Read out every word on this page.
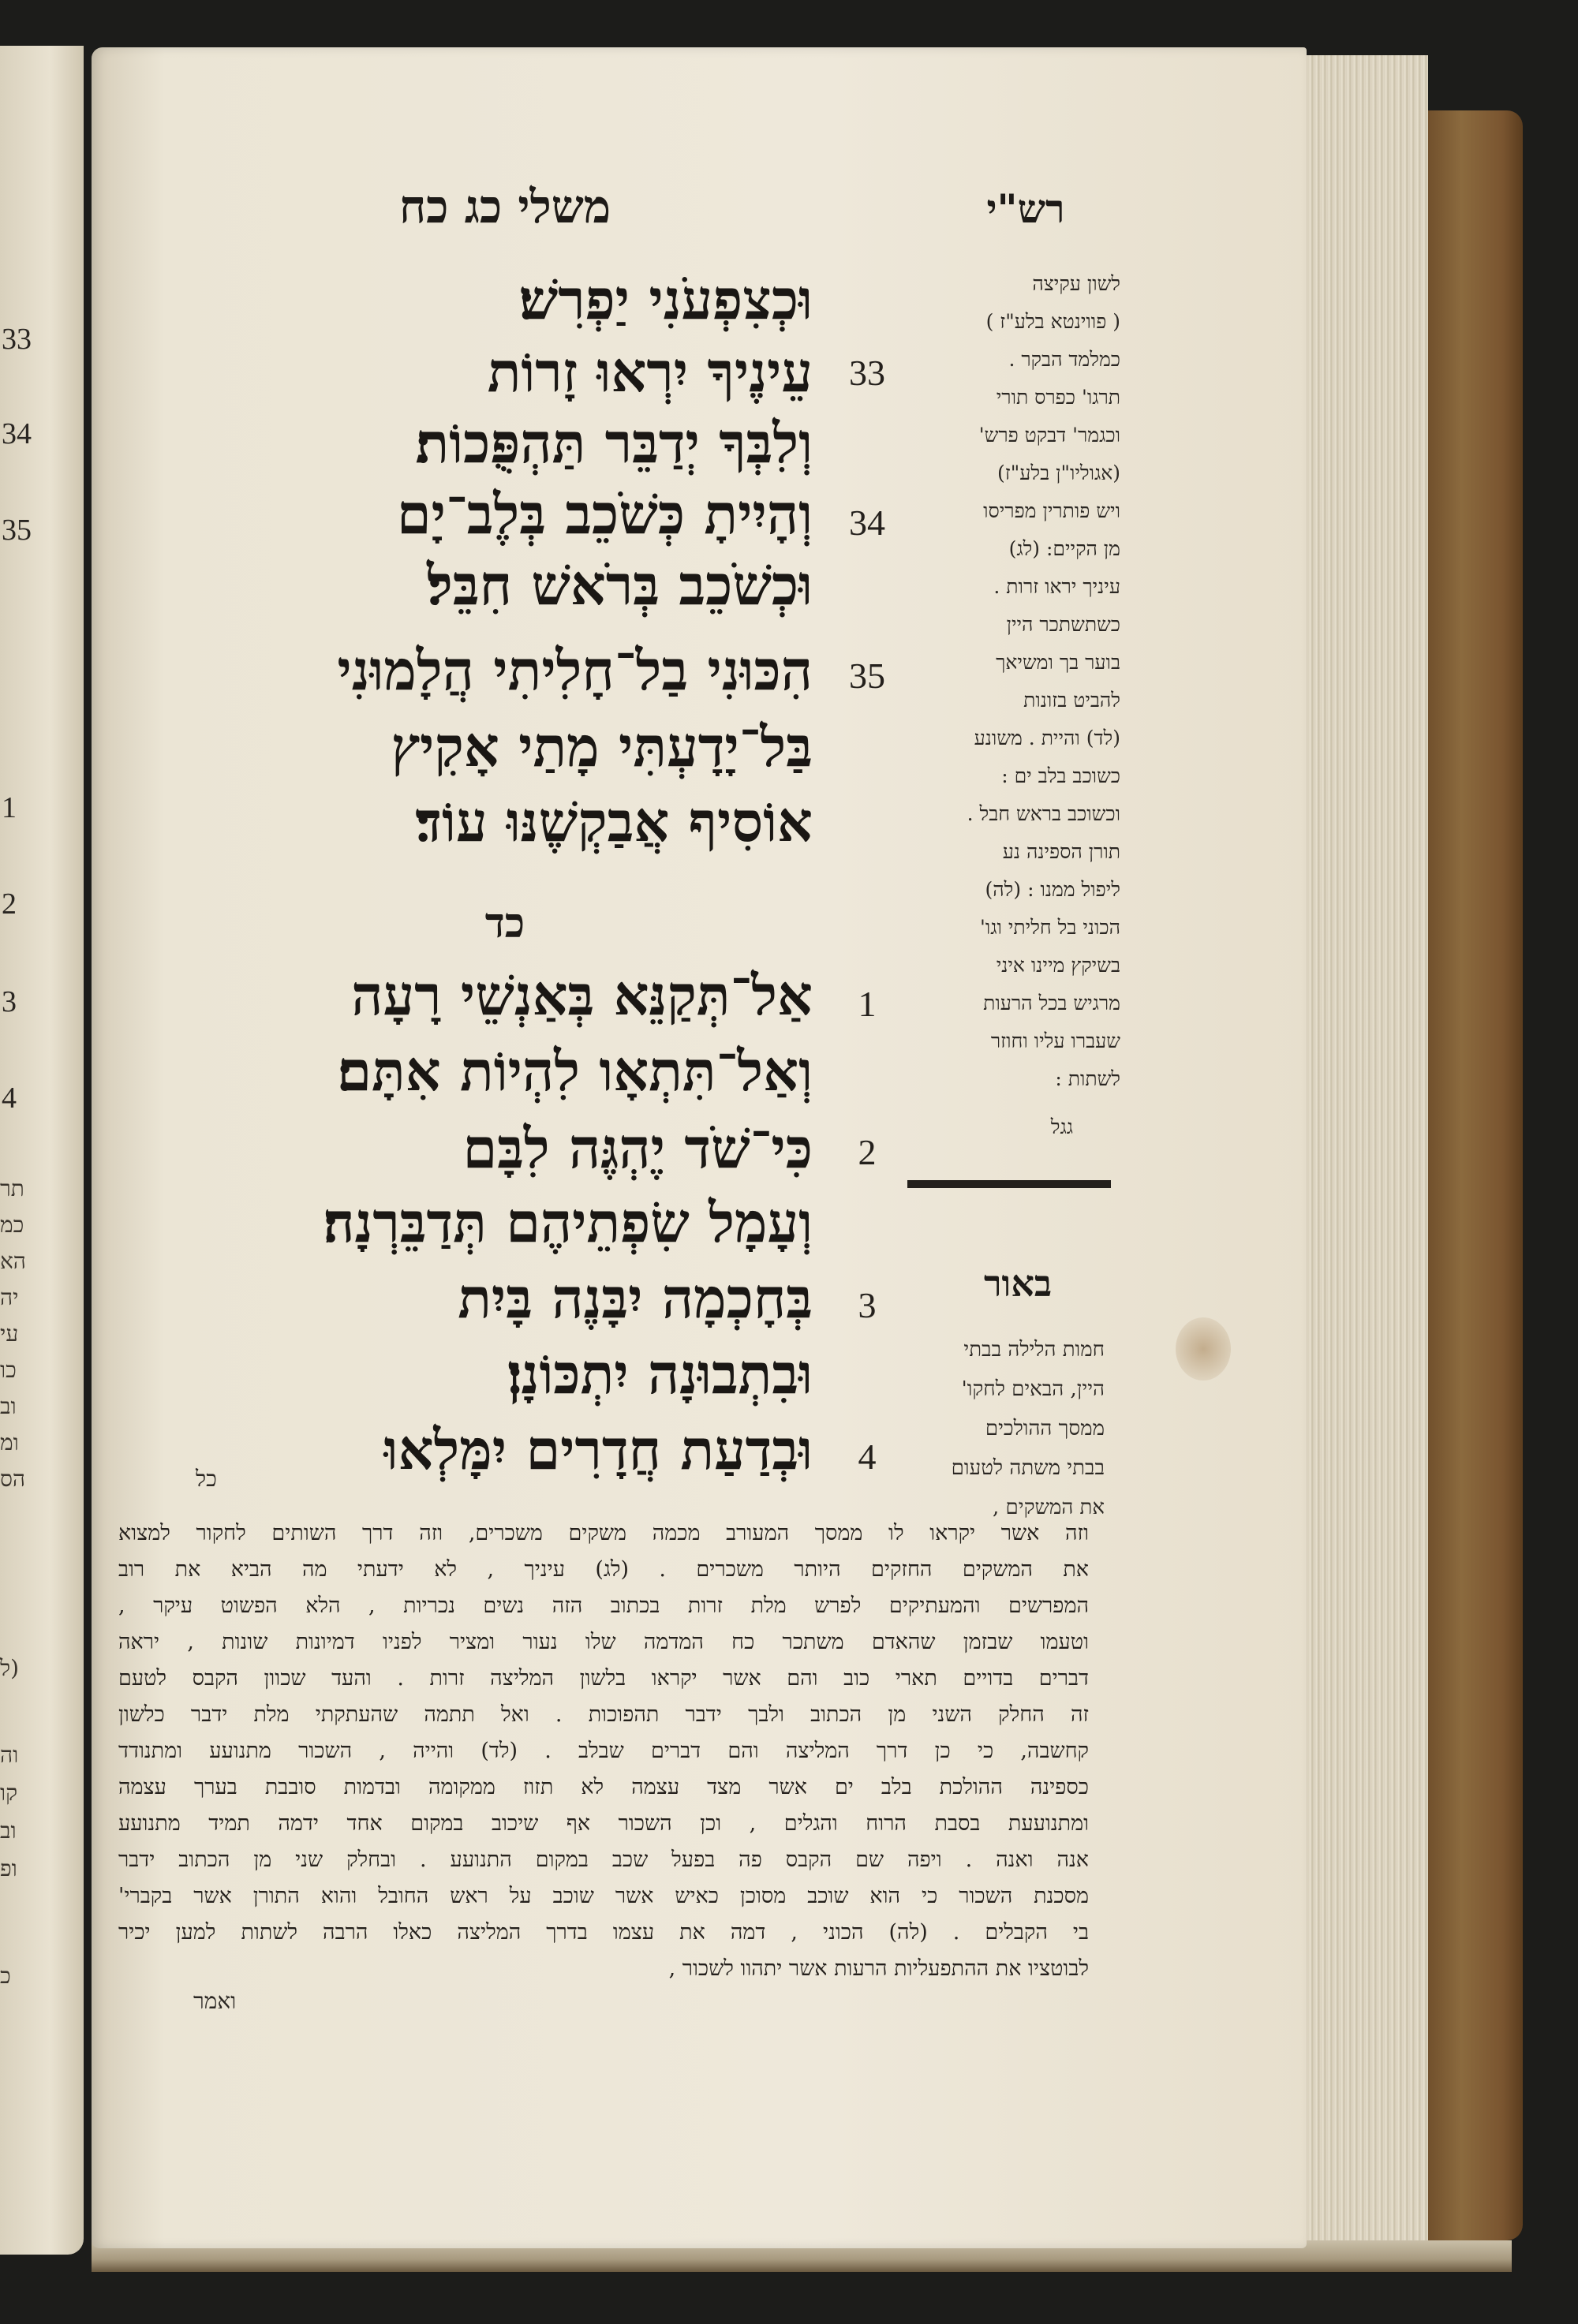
33
34
35
1
2
3
4
תר
כמ
הא
יה
עי
כו
וב
ומ
הס
(ל
וה
קו
וב
ופ
כ
משלי כג כח	רש"י
וּכְצִפְעֹנִי יַפְרִשׁ׃
עֵינֶיךָ יִרְאוּ זָרוֹת 33
וְלִבְּךָ יְדַבֵּר תַּהְפֻּכוֹת׃
וְהָיִיתָ כְּשֹׁכֵב בְּלֶב־יָם 34
וּכְשֹׁכֵב בְּרֹאשׁ חִבֵּל׃
הִכּוּנִי בַל־חָלִיתִי הֲלָמוּנִי 35
בַּל־יָדָעְתִּי מָתַי אָקִיץ
אוֹסִיף אֲבַקְשֶׁנּוּ עוֹד׃
כד
אַל־תְּקַנֵּא בְּאַנְשֵׁי רָעָה	1
וְאַל־תִּתְאָו לִהְיוֹת אִתָּם׃
כִּי־שֹׁד יֶהְגֶּה לִבָּם	2
וְעָמָל שִׂפְתֵיהֶם תְּדַבֵּרְנָה׃
בְּחָכְמָה יִבָּנֶה בָּיִת	3
וּבִתְבוּנָה יִתְכּוֹנָן׃
וּבְדַעַת חֲדָרִים יִמָּלְאוּ	4
כל
לשון עקיצה
( פווינטא בלע"ז )
כמלמד הבקר .
תרגו' כפרס תורי
וכגמר' דבקט פרש'
(אגוליו"ן בלע"ז)
ויש פותרין מפריסו
מן הקיים: (לג)
עיניך יראו זרות .
כשתשתכר היין
בוער בך ומשיאך
להביט בזונות
(לד) והיית . משונע
כשוכב בלב ים :
וכשוכב בראש חבל .
תורן הספינה נע
ליפול ממנו : (לה)
הכוני בל חליתי וגו'
בשיקץ מיינו איני
מרגיש בכל הרעות
שעברו עליו וחוזר
לשתות :
גגל
באור
חמות הלילה בבתי
היין, הבאים לחקו'
ממסך ההולכים
בבתי משתה לטעום
את המשקים ,
וזה אשר יקראו לו ממסך המעורב מכמה משקים משכרים, וזה דרך השותים לחקור למצוא
את המשקים החזקים היותר משכרים . (לג) עיניך , לא ידעתי מה הביא את רוב
המפרשים והמעתיקים לפרש מלת זרות בכתוב הזה נשים נכריות , הלא הפשוט עיקר ,
וטעמו שבזמן שהאדם משתכר כח המדמה שלו נעור ומציר לפניו דמיונות שונות , יראה
דברים בדויים תארי כוב והם אשר יקראו בלשון המליצה זרות . והעד שכוון הקבס לטעם
זה החלק השני מן הכתוב ולבך ידבר תהפוכות . ואל תתמה שהעתקתי מלת ידבר כלשון
קחשבה, כי כן דרך המליצה והם דברים שבלב . (לד) והייה , השכור מתנועע ומתנודד
כספינה ההולכת בלב ים אשר מצד עצמה לא תזוז ממקומה ובדמות סובבת בערך עצמה
ומתנועעת בסבת הרוח והגלים , וכן השכור אף שיכוב במקום אחד ידמה תמיד מתנועע
אנה ואנה . ויפה שם הקבס פה בפעל שכב במקום התנועע . ובחלק שני מן הכתוב ידבר
מסכנת השכור כי הוא שוכב מסוכן כאיש אשר שוכב על ראש החובל והוא התורן אשר בקברי'
בי הקבלים . (לה) הכוני , דמה את עצמו בדרך המליצה כאלו הרבה לשתות למען יכיר
לבוטציו את ההתפעליות הרעות אשר יתהוו לשכור ,
ואמר
